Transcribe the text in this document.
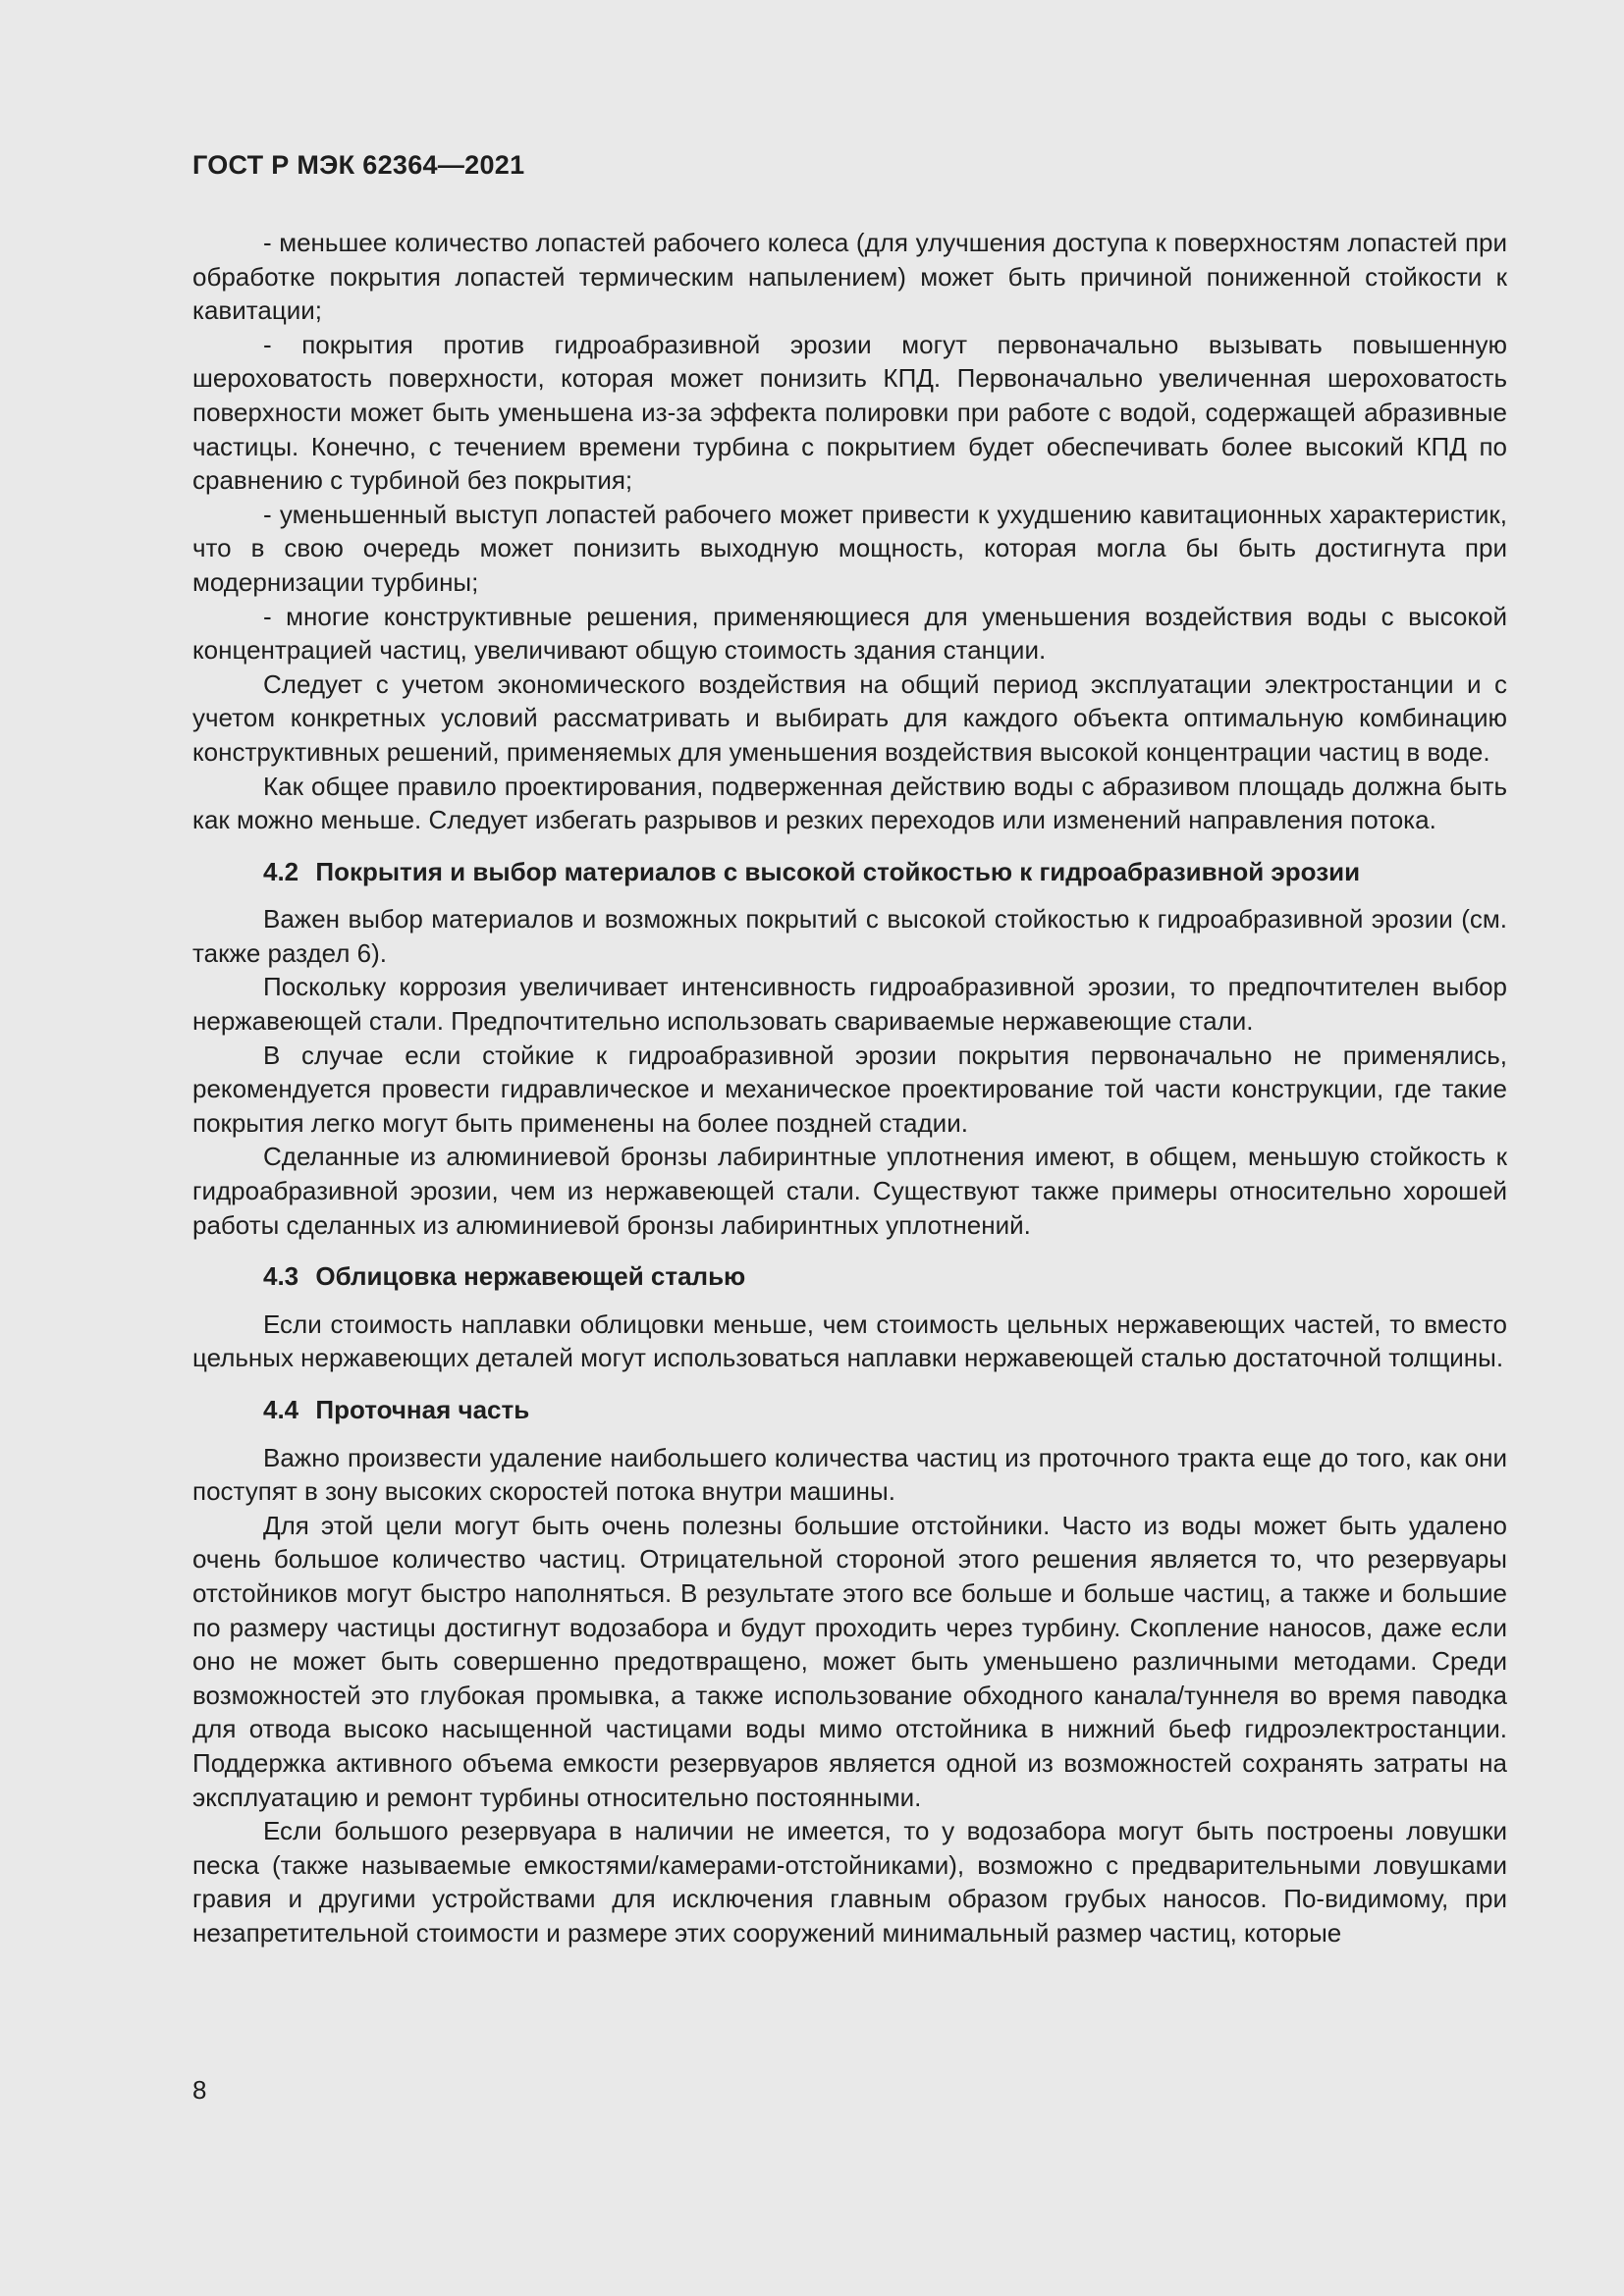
ГОСТ Р МЭК 62364—2021

- меньшее количество лопастей рабочего колеса (для улучшения доступа к поверхностям лопастей при обработке покрытия лопастей термическим напылением) может быть причиной пониженной стойкости к кавитации;

- покрытия против гидроабразивной эрозии могут первоначально вызывать повышенную шероховатость поверхности, которая может понизить КПД. Первоначально увеличенная шероховатость поверхности может быть уменьшена из-за эффекта полировки при работе с водой, содержащей абразивные частицы. Конечно, с течением времени турбина с покрытием будет обеспечивать более высокий КПД по сравнению с турбиной без покрытия;

- уменьшенный выступ лопастей рабочего может привести к ухудшению кавитационных характеристик, что в свою очередь может понизить выходную мощность, которая могла бы быть достигнута при модернизации турбины;

- многие конструктивные решения, применяющиеся для уменьшения воздействия воды с высокой концентрацией частиц, увеличивают общую стоимость здания станции.

Следует с учетом экономического воздействия на общий период эксплуатации электростанции и с учетом конкретных условий рассматривать и выбирать для каждого объекта оптимальную комбинацию конструктивных решений, применяемых для уменьшения воздействия высокой концентрации частиц в воде.

Как общее правило проектирования, подверженная действию воды с абразивом площадь должна быть как можно меньше. Следует избегать разрывов и резких переходов или изменений направления потока.

4.2 Покрытия и выбор материалов с высокой стойкостью к гидроабразивной эрозии

Важен выбор материалов и возможных покрытий с высокой стойкостью к гидроабразивной эрозии (см. также раздел 6).

Поскольку коррозия увеличивает интенсивность гидроабразивной эрозии, то предпочтителен выбор нержавеющей стали. Предпочтительно использовать свариваемые нержавеющие стали.

В случае если стойкие к гидроабразивной эрозии покрытия первоначально не применялись, рекомендуется провести гидравлическое и механическое проектирование той части конструкции, где такие покрытия легко могут быть применены на более поздней стадии.

Сделанные из алюминиевой бронзы лабиринтные уплотнения имеют, в общем, меньшую стойкость к гидроабразивной эрозии, чем из нержавеющей стали. Существуют также примеры относительно хорошей работы сделанных из алюминиевой бронзы лабиринтных уплотнений.

4.3 Облицовка нержавеющей сталью

Если стоимость наплавки облицовки меньше, чем стоимость цельных нержавеющих частей, то вместо цельных нержавеющих деталей могут использоваться наплавки нержавеющей сталью достаточной толщины.

4.4 Проточная часть

Важно произвести удаление наибольшего количества частиц из проточного тракта еще до того, как они поступят в зону высоких скоростей потока внутри машины.

Для этой цели могут быть очень полезны большие отстойники. Часто из воды может быть удалено очень большое количество частиц. Отрицательной стороной этого решения является то, что резервуары отстойников могут быстро наполняться. В результате этого все больше и больше частиц, а также и большие по размеру частицы достигнут водозабора и будут проходить через турбину. Скопление наносов, даже если оно не может быть совершенно предотвращено, может быть уменьшено различными методами. Среди возможностей это глубокая промывка, а также использование обходного канала/туннеля во время паводка для отвода высоко насыщенной частицами воды мимо отстойника в нижний бьеф гидроэлектростанции. Поддержка активного объема емкости резервуаров является одной из возможностей сохранять затраты на эксплуатацию и ремонт турбины относительно постоянными.

Если большого резервуара в наличии не имеется, то у водозабора могут быть построены ловушки песка (также называемые емкостями/камерами-отстойниками), возможно с предварительными ловушками гравия и другими устройствами для исключения главным образом грубых наносов. По-видимому, при незапретительной стоимости и размере этих сооружений минимальный размер частиц, которые

8
